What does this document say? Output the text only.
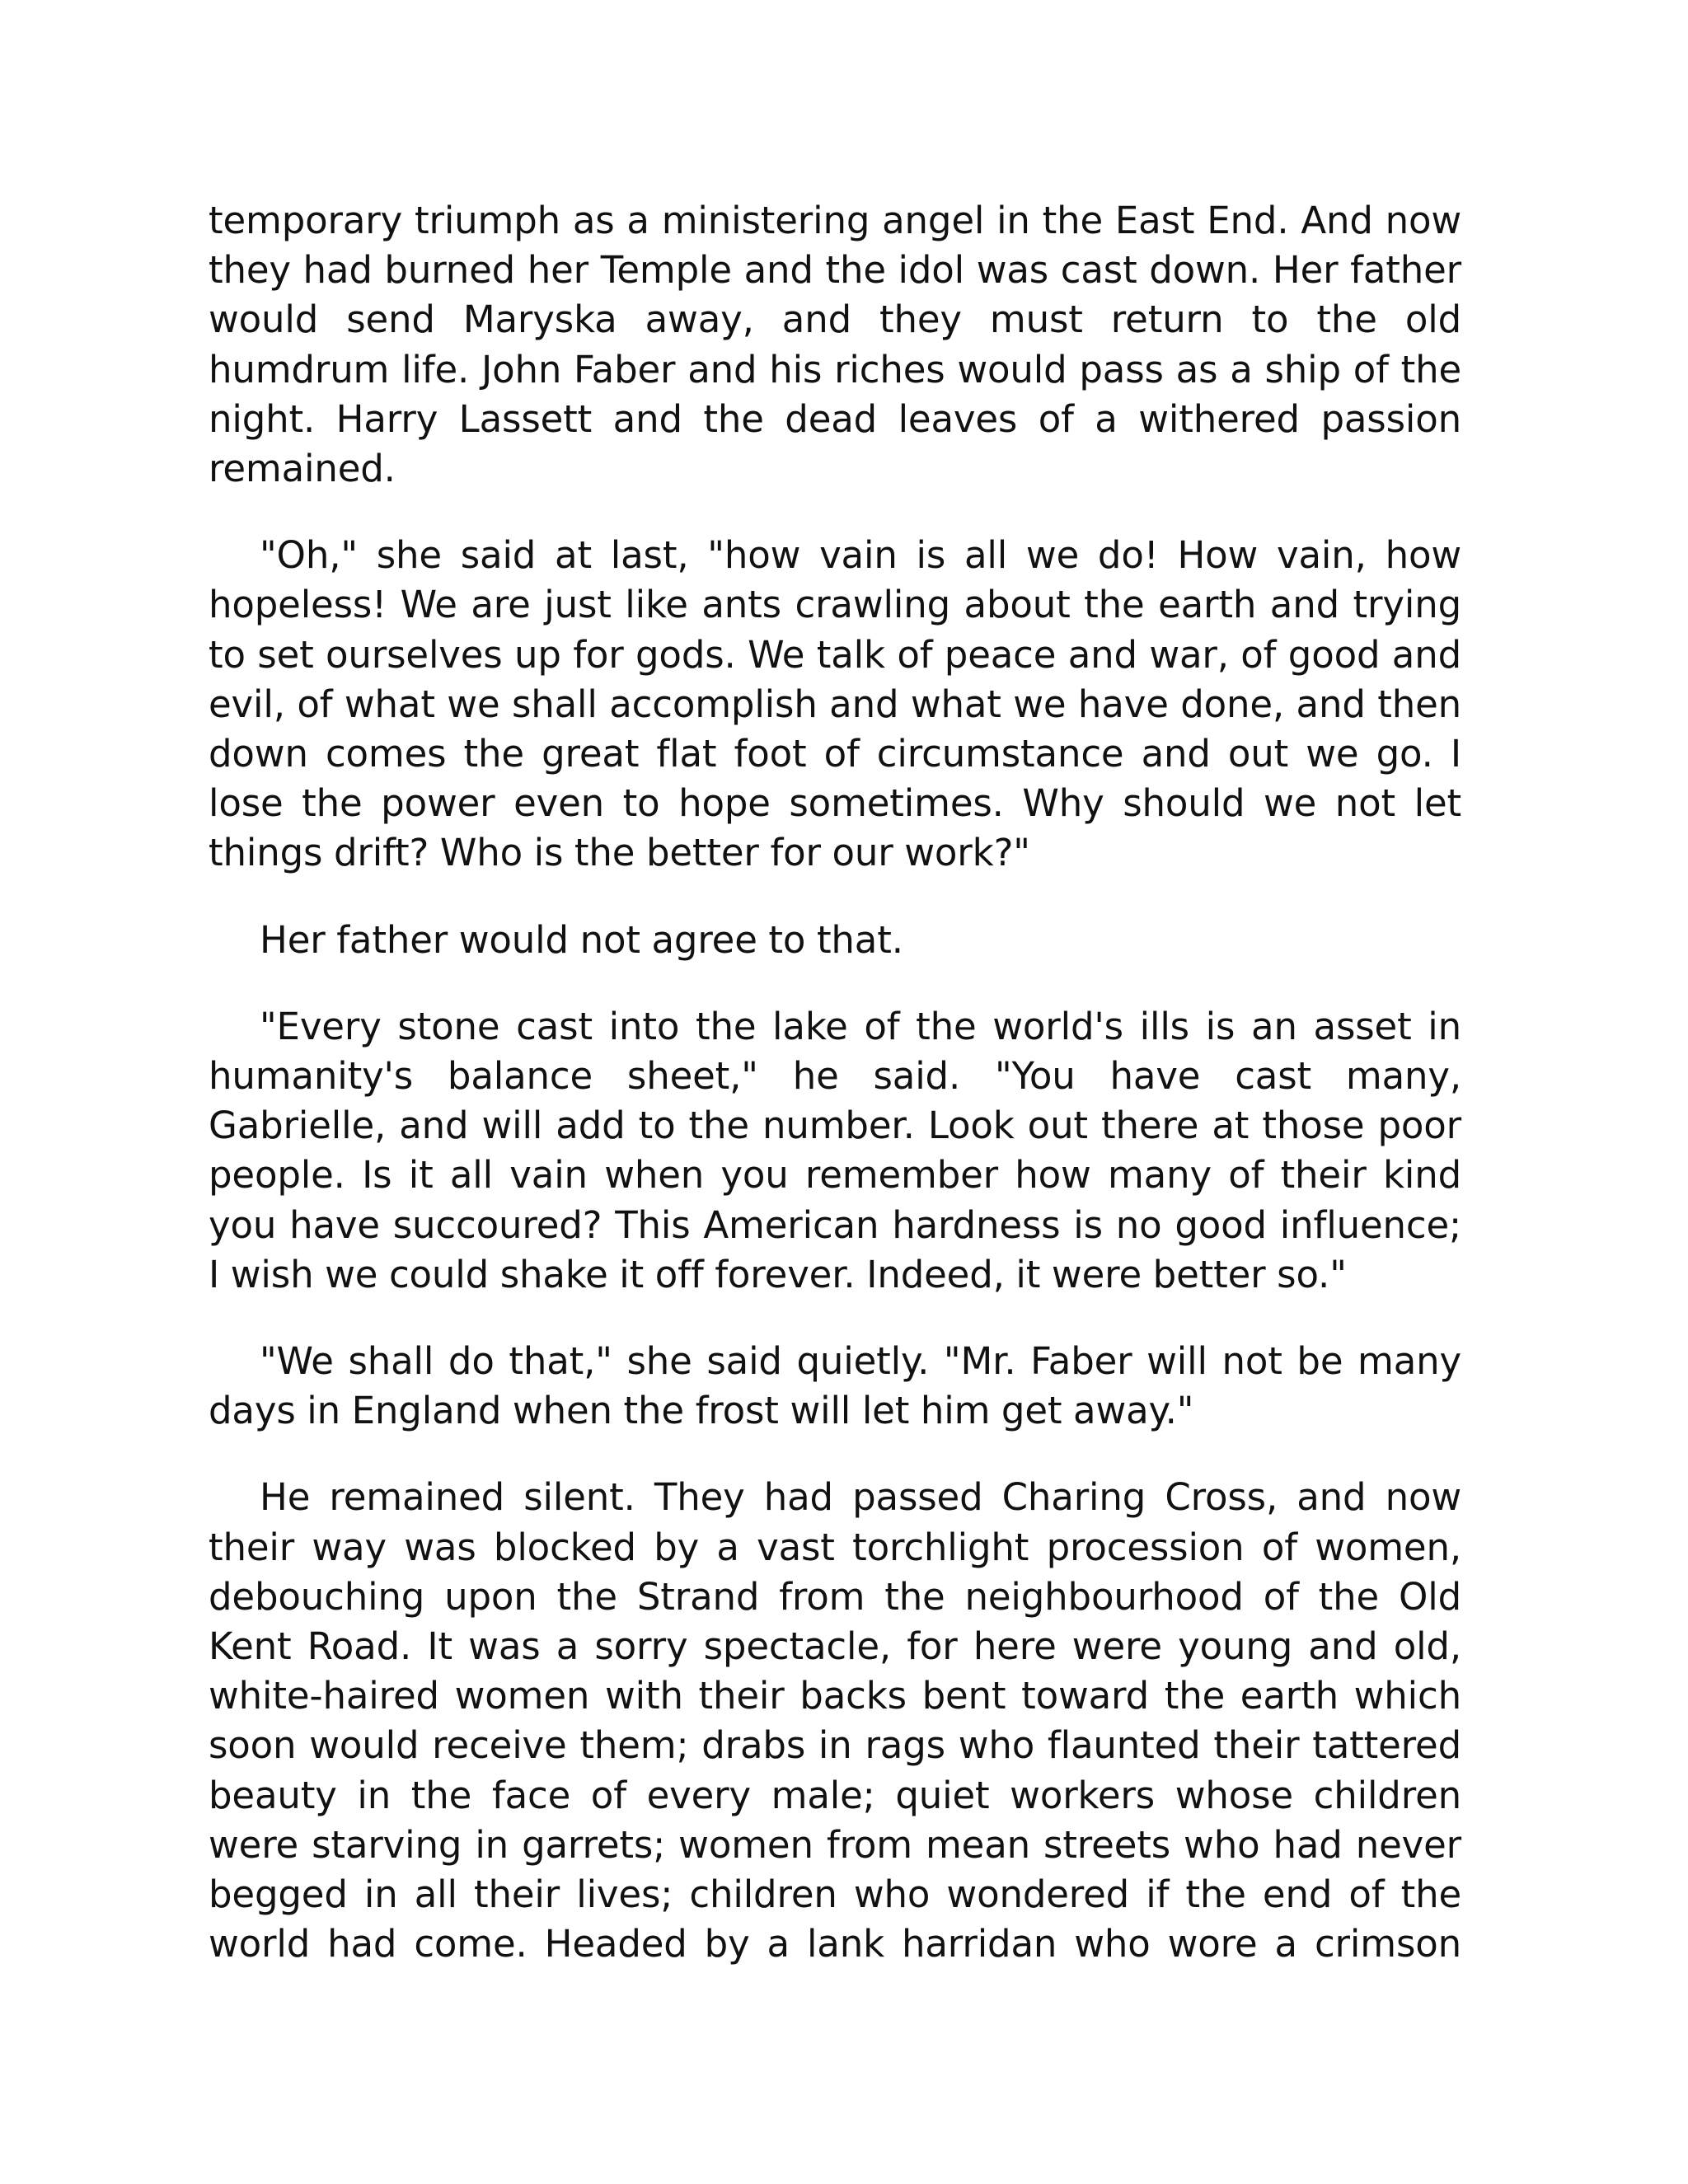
temporary triumph as a ministering angel in the East End. And now they had burned her Temple and the idol was cast down. Her father would send Maryska away, and they must return to the old humdrum life. John Faber and his riches would pass as a ship of the night. Harry Lassett and the dead leaves of a withered passion remained.

"Oh," she said at last, "how vain is all we do! How vain, how hopeless! We are just like ants crawling about the earth and trying to set ourselves up for gods. We talk of peace and war, of good and evil, of what we shall accomplish and what we have done, and then down comes the great flat foot of circumstance and out we go. I lose the power even to hope sometimes. Why should we not let things drift? Who is the better for our work?"

Her father would not agree to that.

"Every stone cast into the lake of the world's ills is an asset in humanity's balance sheet," he said. "You have cast many, Gabrielle, and will add to the number. Look out there at those poor people. Is it all vain when you remember how many of their kind you have succoured? This American hardness is no good influence; I wish we could shake it off forever. Indeed, it were better so."

"We shall do that," she said quietly. "Mr. Faber will not be many days in England when the frost will let him get away."

He remained silent. They had passed Charing Cross, and now their way was blocked by a vast torchlight procession of women, debouching upon the Strand from the neighbourhood of the Old Kent Road. It was a sorry spectacle, for here were young and old, white-haired women with their backs bent toward the earth which soon would receive them; drabs in rags who flaunted their tattered beauty in the face of every male; quiet workers whose children were starving in garrets; women from mean streets who had never begged in all their lives; children who wondered if the end of the world had come. Headed by a lank harridan who wore a crimson
